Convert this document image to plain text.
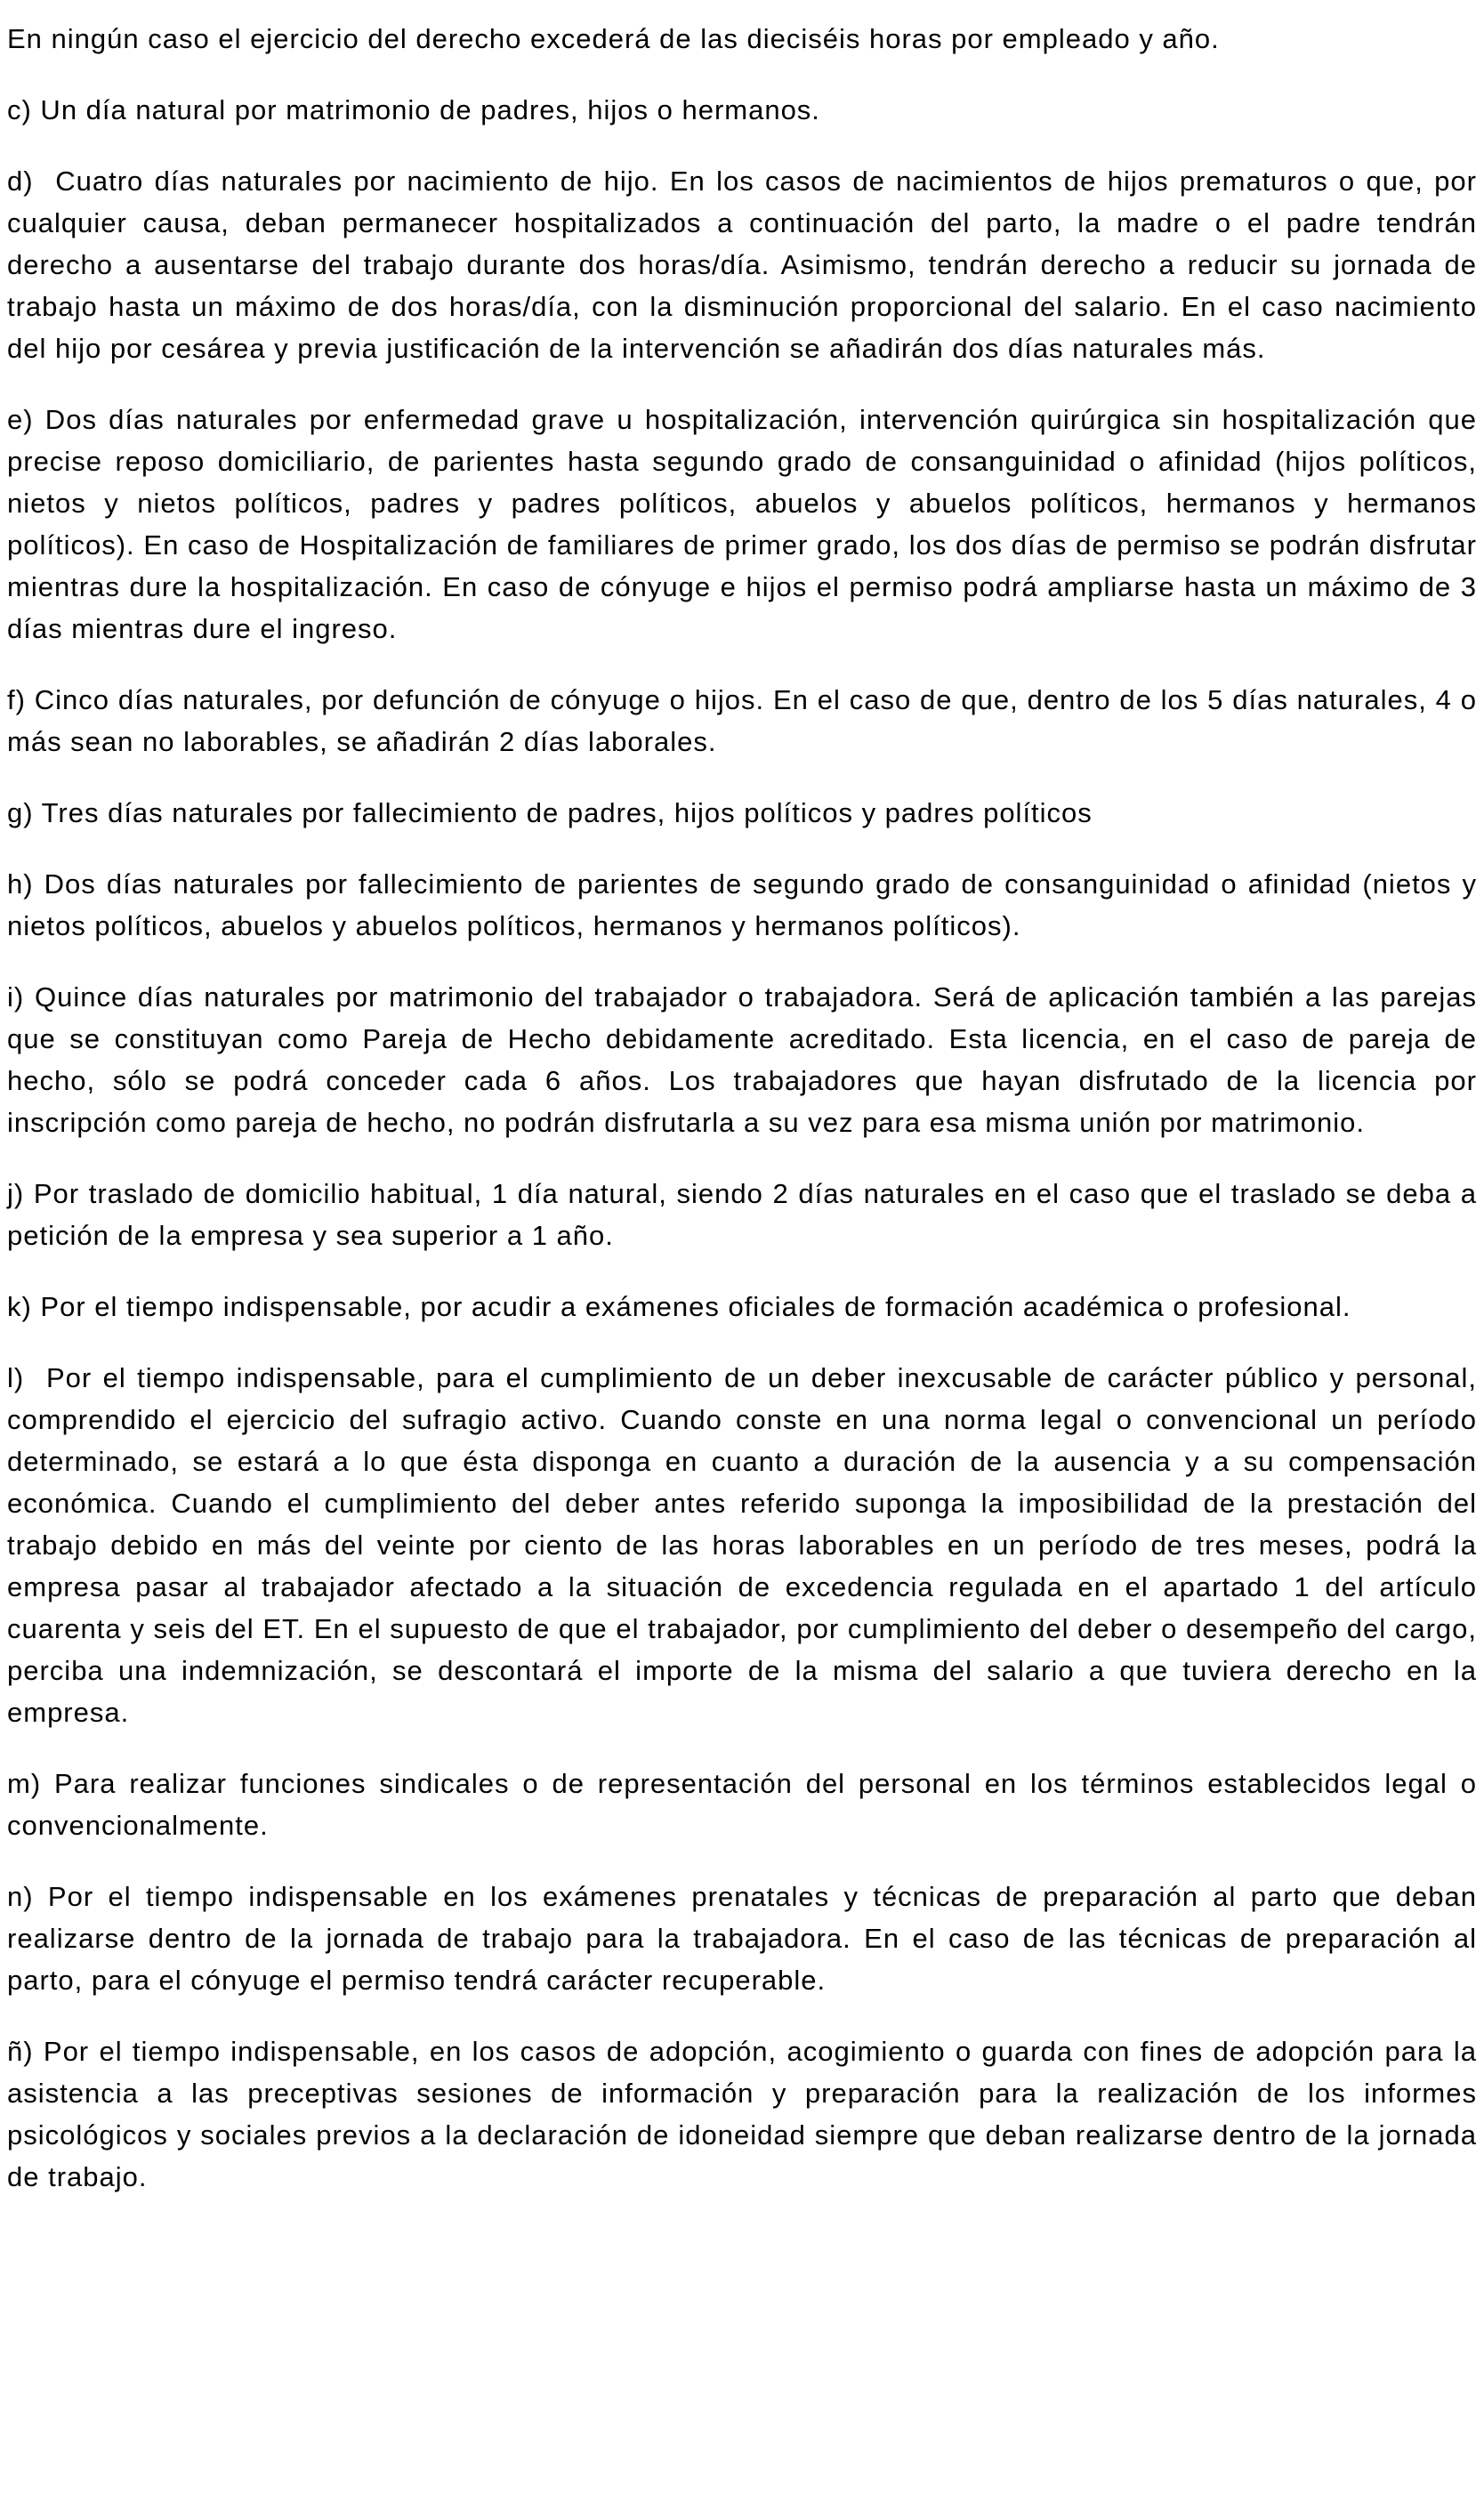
En ningún caso el ejercicio del derecho excederá de las dieciséis horas por empleado y año.

c) Un día natural por matrimonio de padres, hijos o hermanos.

d)  Cuatro días naturales por nacimiento de hijo. En los casos de nacimientos de hijos prematuros o que, por cualquier causa, deban permanecer hospitalizados a continuación del parto, la madre o el padre tendrán derecho a ausentarse del trabajo durante dos horas/día. Asimismo, tendrán derecho a reducir su jornada de trabajo hasta un máximo de dos horas/día, con la disminución proporcional del salario. En el caso nacimiento del hijo por cesárea y previa justificación de la intervención se añadirán dos días naturales más.

e) Dos días naturales por enfermedad grave u hospitalización, intervención quirúrgica sin hospitalización que precise reposo domiciliario, de parientes hasta segundo grado de consanguinidad o afinidad (hijos políticos, nietos y nietos políticos, padres y padres políticos, abuelos y abuelos políticos, hermanos y hermanos políticos). En caso de Hospitalización de familiares de primer grado, los dos días de permiso se podrán disfrutar mientras dure la hospitalización. En caso de cónyuge e hijos el permiso podrá ampliarse hasta un máximo de 3 días mientras dure el ingreso.

f) Cinco días naturales, por defunción de cónyuge o hijos. En el caso de que, dentro de los 5 días naturales, 4 o más sean no laborables, se añadirán 2 días laborales.

g) Tres días naturales por fallecimiento de padres, hijos políticos y padres políticos

h) Dos días naturales por fallecimiento de parientes de segundo grado de consanguinidad o afinidad (nietos y nietos políticos, abuelos y abuelos políticos, hermanos y hermanos políticos).

i) Quince días naturales por matrimonio del trabajador o trabajadora. Será de aplicación también a las parejas que se constituyan como Pareja de Hecho debidamente acreditado. Esta licencia, en el caso de pareja de hecho, sólo se podrá conceder cada 6 años. Los trabajadores que hayan disfrutado de la licencia por inscripción como pareja de hecho, no podrán disfrutarla a su vez para esa misma unión por matrimonio.

j) Por traslado de domicilio habitual, 1 día natural, siendo 2 días naturales en el caso que el traslado se deba a petición de la empresa y sea superior a 1 año.

k) Por el tiempo indispensable, por acudir a exámenes oficiales de formación académica o profesional.

l)  Por el tiempo indispensable, para el cumplimiento de un deber inexcusable de carácter público y personal, comprendido el ejercicio del sufragio activo. Cuando conste en una norma legal o convencional un período determinado, se estará a lo que ésta disponga en cuanto a duración de la ausencia y a su compensación económica. Cuando el cumplimiento del deber antes referido suponga la imposibilidad de la prestación del trabajo debido en más del veinte por ciento de las horas laborables en un período de tres meses, podrá la empresa pasar al trabajador afectado a la situación de excedencia regulada en el apartado 1 del artículo cuarenta y seis del ET. En el supuesto de que el trabajador, por cumplimiento del deber o desempeño del cargo, perciba una indemnización, se descontará el importe de la misma del salario a que tuviera derecho en la empresa.

m) Para realizar funciones sindicales o de representación del personal en los términos establecidos legal o convencionalmente.

n) Por el tiempo indispensable en los exámenes prenatales y técnicas de preparación al parto que deban realizarse dentro de la jornada de trabajo para la trabajadora. En el caso de las técnicas de preparación al parto, para el cónyuge el permiso tendrá carácter recuperable.

ñ) Por el tiempo indispensable, en los casos de adopción, acogimiento o guarda con fines de adopción para la asistencia a las preceptivas sesiones de información y preparación para la realización de los informes psicológicos y sociales previos a la declaración de idoneidad siempre que deban realizarse dentro de la jornada de trabajo.
